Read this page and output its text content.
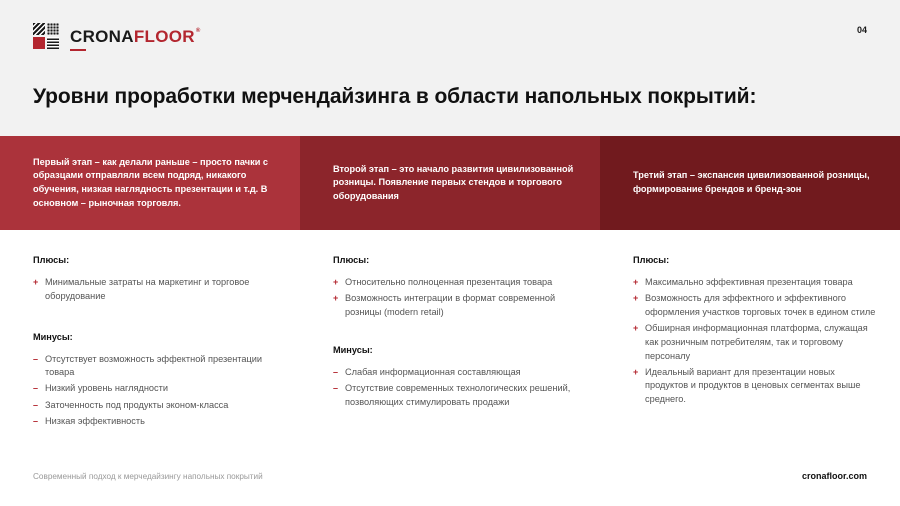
CRONAFLOOR®	04
Уровни проработки мерчендайзинга в области напольных покрытий:
Первый этап – как делали раньше – просто пачки с образцами отправляли всем подряд, никакого обучения, низкая наглядность презентации и т.д. В основном – рыночная торговля.
Второй этап – это начало развития цивилизованной розницы. Появление первых стендов и торгового оборудования
Третий этап – экспансия цивилизованной розницы, формирование брендов и бренд-зон
Плюсы:
+ Минимальные затраты на маркетинг и торговое оборудование
Минусы:
– Отсутствует возможность эффектной презентации товара
– Низкий уровень наглядности
– Заточенность под продукты эконом-класса
– Низкая эффективность
Плюсы:
+ Относительно полноценная презентация товара
+ Возможность интеграции в формат современной розницы (modern retail)
Минусы:
– Слабая информационная составляющая
– Отсутствие современных технологических решений, позволяющих стимулировать продажи
Плюсы:
+ Максимально эффективная презентация товара
+ Возможность для эффектного и эффективного оформления участков торговых точек в едином стиле
+ Обширная информационная платформа, служащая как розничным потребителям, так и торговому персоналу
+ Идеальный вариант для презентации новых продуктов и продуктов в ценовых сегментах выше среднего.
Современный подход к мерчедайзингу напольных покрытий	cronafloor.com
